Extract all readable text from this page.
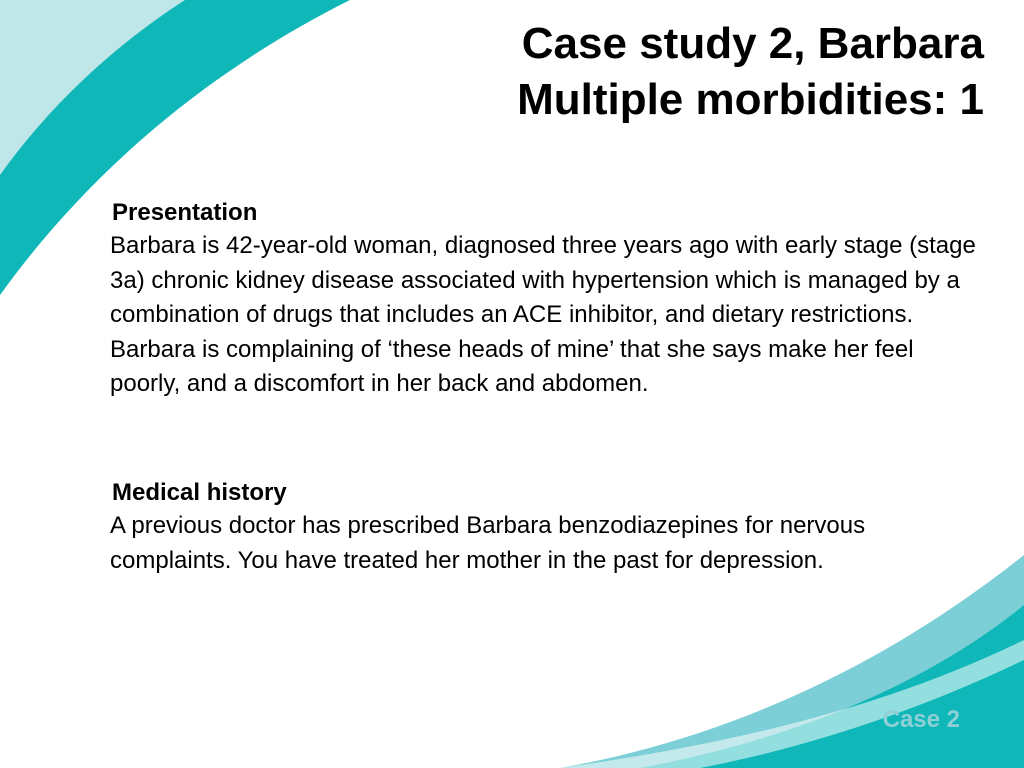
Case study 2, Barbara
Multiple morbidities: 1
Presentation

Barbara is 42-year-old woman, diagnosed three years ago with early stage (stage 3a) chronic kidney disease associated with hypertension which is managed by a combination of drugs that includes an ACE inhibitor, and dietary restrictions.

Barbara is complaining of ‘these heads of mine’ that she says make her feel poorly, and a discomfort in her back and abdomen.

Medical history

A previous doctor has prescribed Barbara benzodiazepines for nervous complaints. You have treated her mother in the past for depression.

Case 2
